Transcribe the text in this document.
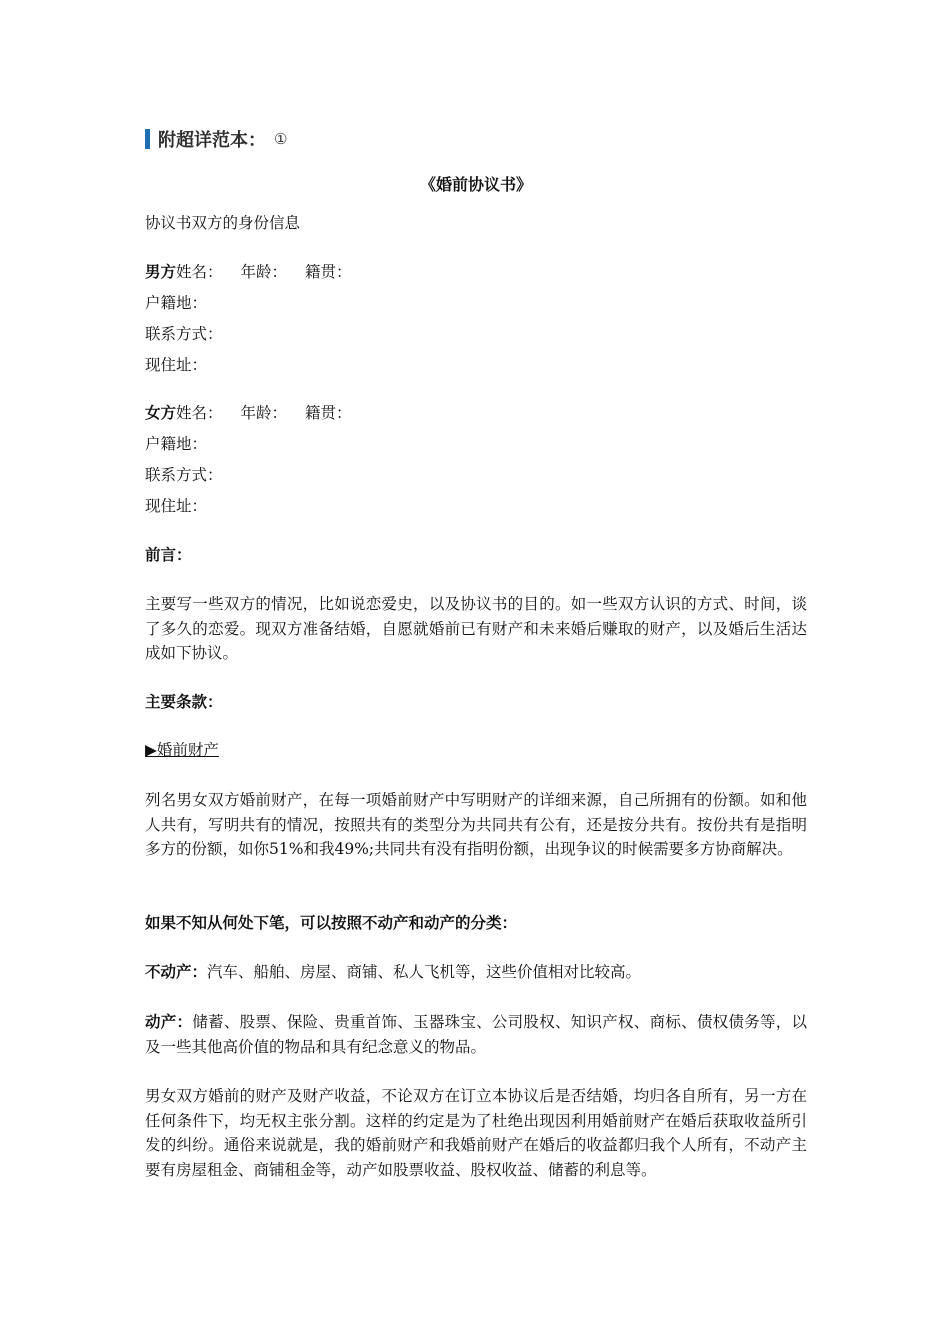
附超详范本： ①
《婚前协议书》
协议书双方的身份信息
男方姓名： 年龄： 籍贯：
户籍地：
联系方式：
现住址：
女方姓名： 年龄： 籍贯：
户籍地：
联系方式：
现住址：
前言：
主要写一些双方的情况，比如说恋爱史，以及协议书的目的。如一些双方认识的方式、时间，谈了多久的恋爱。现双方准备结婚，自愿就婚前已有财产和未来婚后赚取的财产，以及婚后生活达成如下协议。
主要条款：
▶婚前财产
列名男女双方婚前财产，在每一项婚前财产中写明财产的详细来源，自己所拥有的份额。如和他人共有，写明共有的情况，按照共有的类型分为共同共有公有，还是按分共有。按份共有是指明多方的份额，如你51%和我49%;共同共有没有指明份额，出现争议的时候需要多方协商解决。
如果不知从何处下笔，可以按照不动产和动产的分类：
不动产：汽车、船舶、房屋、商铺、私人飞机等，这些价值相对比较高。
动产：储蓄、股票、保险、贵重首饰、玉器珠宝、公司股权、知识产权、商标、债权债务等，以及一些其他高价值的物品和具有纪念意义的物品。
男女双方婚前的财产及财产收益，不论双方在订立本协议后是否结婚，均归各自所有，另一方在任何条件下，均无权主张分割。这样的约定是为了杜绝出现因利用婚前财产在婚后获取收益所引发的纠纷。通俗来说就是，我的婚前财产和我婚前财产在婚后的收益都归我个人所有，不动产主要有房屋租金、商铺租金等，动产如股票收益、股权收益、储蓄的利息等。
